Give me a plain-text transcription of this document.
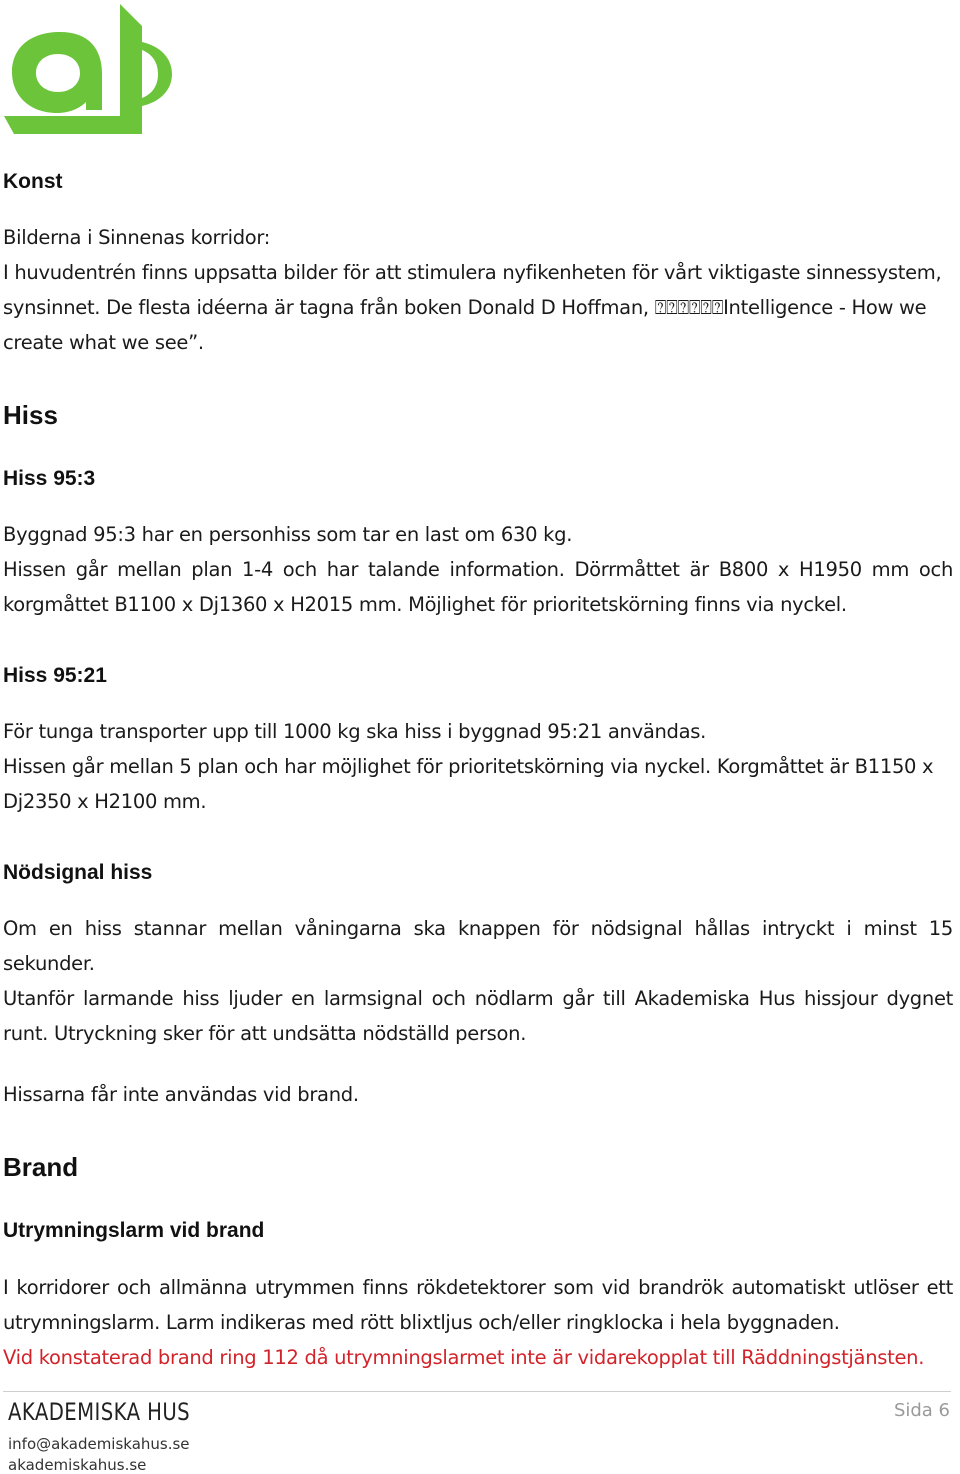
Konst

Bilderna i Sinnenas korridor:

I huvudentrén finns uppsatta bilder för att stimulera nyfikenheten för vårt viktigaste sinnessystem, synsinnet. De flesta idéerna är tagna från boken Donald D Hoffman, ⍰⍰⍰⍰⍰⍰Intelligence - How we create what we see”.

Hiss
Hiss 95:3

Byggnad 95:3 har en personhiss som tar en last om 630 kg.

Hissen går mellan plan 1-4 och har talande information. Dörrmåttet är B800 x H1950 mm och korgmåttet B1100 x Dj1360 x H2015 mm. Möjlighet för prioritetskörning finns via nyckel.

Hiss 95:21

För tunga transporter upp till 1000 kg ska hiss i byggnad 95:21 användas.

Hissen går mellan 5 plan och har möjlighet för prioritetskörning via nyckel. Korgmåttet är B1150 x Dj2350 x H2100 mm.

Nödsignal hiss

Om en hiss stannar mellan våningarna ska knappen för nödsignal hållas intryckt i minst 15 sekunder.

Utanför larmande hiss ljuder en larmsignal och nödlarm går till Akademiska Hus hissjour dygnet runt. Utryckning sker för att undsätta nödställd person.

Hissarna får inte användas vid brand.

Brand
Utrymningslarm vid brand

I korridorer och allmänna utrymmen finns rökdetektorer som vid brandrök automatiskt utlöser ett utrymningslarm. Larm indikeras med rött blixtljus och/eller ringklocka i hela byggnaden.

Vid konstaterad brand ring 112 då utrymningslarmet inte är vidarekopplat till Räddningstjänsten.

AKADEMISKA HUS
info@akademiskahus.se
akademiskahus.se
Sida 6
